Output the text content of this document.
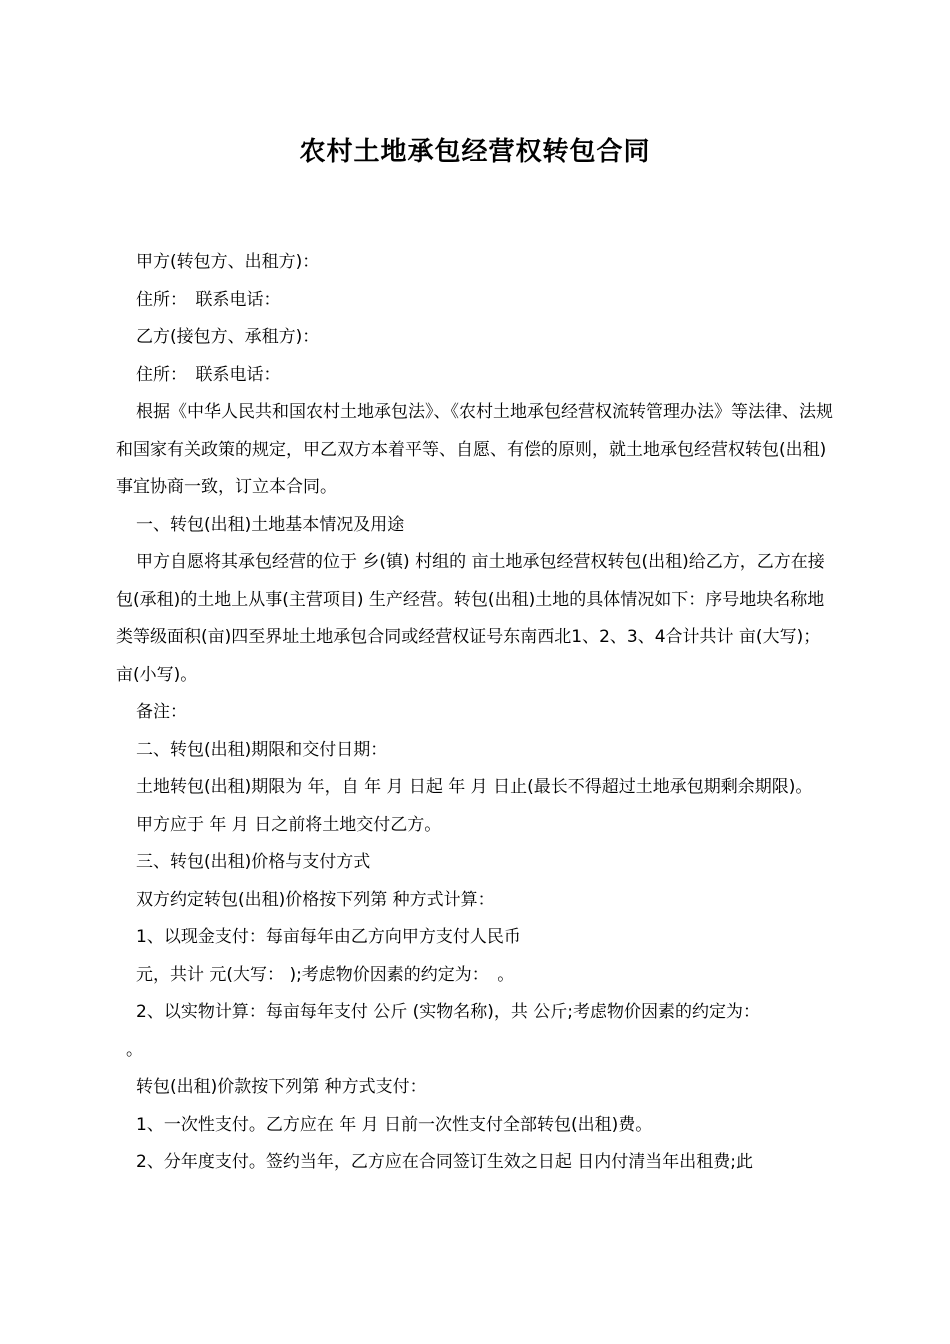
农村土地承包经营权转包合同

甲方(转包方、出租方)：

住所：　联系电话：

乙方(接包方、承租方)：

住所：　联系电话：

根据《中华人民共和国农村土地承包法》、《农村土地承包经营权流转管理办法》等法律、法规和国家有关政策的规定，甲乙双方本着平等、自愿、有偿的原则，就土地承包经营权转包(出租)事宜协商一致，订立本合同。

一、转包(出租)土地基本情况及用途

甲方自愿将其承包经营的位于 乡(镇) 村组的 亩土地承包经营权转包(出租)给乙方，乙方在接包(承租)的土地上从事(主营项目) 生产经营。转包(出租)土地的具体情况如下：序号地块名称地类等级面积(亩)四至界址土地承包合同或经营权证号东南西北1、2、3、4合计共计 亩(大写)； 亩(小写)。

备注：

二、转包(出租)期限和交付日期：

土地转包(出租)期限为 年，自 年 月 日起 年 月 日止(最长不得超过土地承包期剩余期限)。

甲方应于 年 月 日之前将土地交付乙方。

三、转包(出租)价格与支付方式

双方约定转包(出租)价格按下列第 种方式计算：

1、以现金支付：每亩每年由乙方向甲方支付人民币

元，共计 元(大写： );考虑物价因素的约定为：　。

2、以实物计算：每亩每年支付 公斤 (实物名称)，共 公斤;考虑物价因素的约定为：

。

转包(出租)价款按下列第 种方式支付：

1、一次性支付。乙方应在 年 月 日前一次性支付全部转包(出租)费。

2、分年度支付。签约当年，乙方应在合同签订生效之日起 日内付清当年出租费;此
